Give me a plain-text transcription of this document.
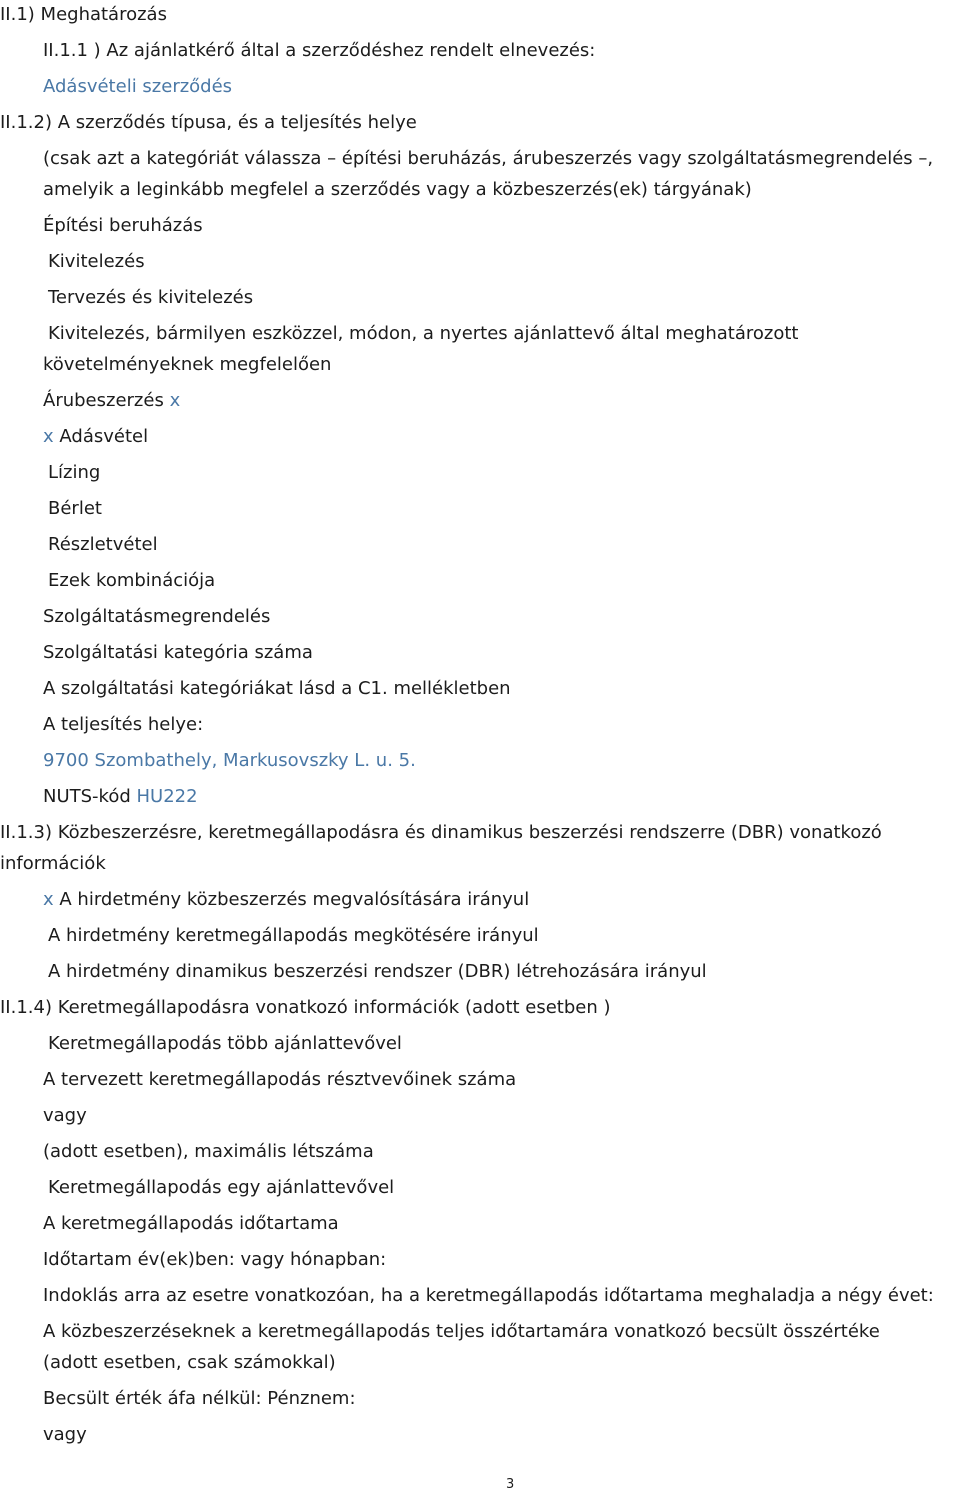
II.1) Meghatározás
II.1.1 ) Az ajánlatkérő által a szerződéshez rendelt elnevezés:
Adásvételi szerződés
II.1.2) A szerződés típusa, és a teljesítés helye
(csak azt a kategóriát válassza – építési beruházás, árubeszerzés vagy szolgáltatásmegrendelés –,
amelyik a leginkább megfelel a szerződés vagy a közbeszerzés(ek) tárgyának)
Építési beruházás
Kivitelezés
Tervezés és kivitelezés
Kivitelezés, bármilyen eszközzel, módon, a nyertes ajánlattevő által meghatározott
követelményeknek megfelelően
Árubeszerzés x
x Adásvétel
Lízing
Bérlet
Részletvétel
Ezek kombinációja
Szolgáltatásmegrendelés
Szolgáltatási kategória száma
A szolgáltatási kategóriákat lásd a C1. mellékletben
A teljesítés helye:
9700 Szombathely, Markusovszky L. u. 5.
NUTS-kód HU222
II.1.3) Közbeszerzésre, keretmegállapodásra és dinamikus beszerzési rendszerre (DBR) vonatkozó
információk
x A hirdetmény közbeszerzés megvalósítására irányul
A hirdetmény keretmegállapodás megkötésére irányul
A hirdetmény dinamikus beszerzési rendszer (DBR) létrehozására irányul
II.1.4) Keretmegállapodásra vonatkozó információk (adott esetben )
Keretmegállapodás több ajánlattevővel
A tervezett keretmegállapodás résztvevőinek száma
vagy
(adott esetben), maximális létszáma
Keretmegállapodás egy ajánlattevővel
A keretmegállapodás időtartama
Időtartam év(ek)ben: vagy hónapban:
Indoklás arra az esetre vonatkozóan, ha a keretmegállapodás időtartama meghaladja a négy évet:
A közbeszerzéseknek a keretmegállapodás teljes időtartamára vonatkozó becsült összértéke
(adott esetben, csak számokkal)
Becsült érték áfa nélkül: Pénznem:
vagy
3
